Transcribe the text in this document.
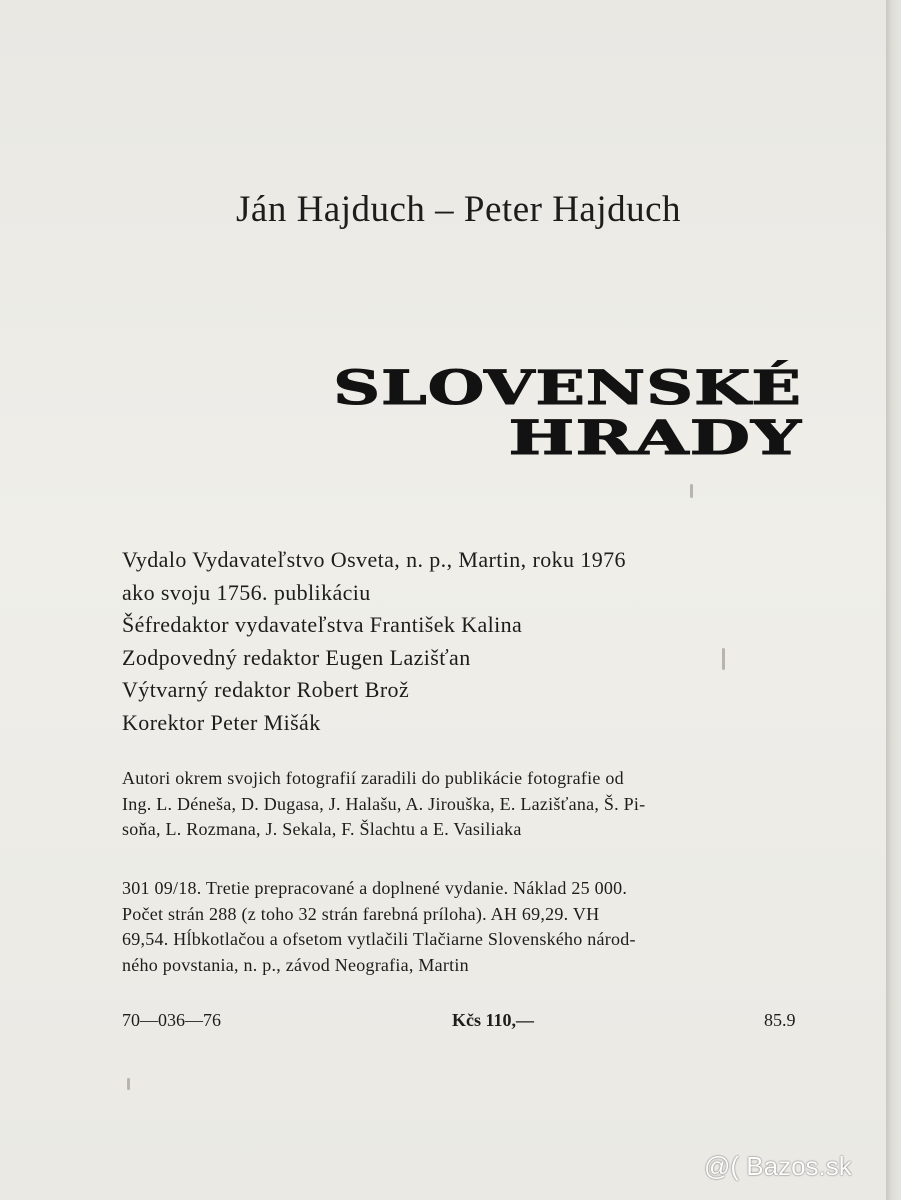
Ján Hajduch – Peter Hajduch
SLOVENSKÉ
HRADY
Vydalo Vydavateľstvo Osveta, n. p., Martin, roku 1976
ako svoju 1756. publikáciu
Šéfredaktor vydavateľstva František Kalina
Zodpovedný redaktor Eugen Lazišťan
Výtvarný redaktor Robert Brož
Korektor Peter Mišák
Autori okrem svojich fotografií zaradili do publikácie fotografie od
Ing. L. Déneša, D. Dugasa, J. Halašu, A. Jirouška, E. Lazišťana, Š. Pi-
soňa, L. Rozmana, J. Sekala, F. Šlachtu a E. Vasiliaka
301 09/18. Tretie prepracované a doplnené vydanie. Náklad 25 000.
Počet strán 288 (z toho 32 strán farebná príloha). AH 69,29. VH
69,54. Hĺbkotlačou a ofsetom vytlačili Tlačiarne Slovenského národ-
ného povstania, n. p., závod Neografia, Martin
70—036—76	Kčs 110,—	85.9
@( Bazos.sk
